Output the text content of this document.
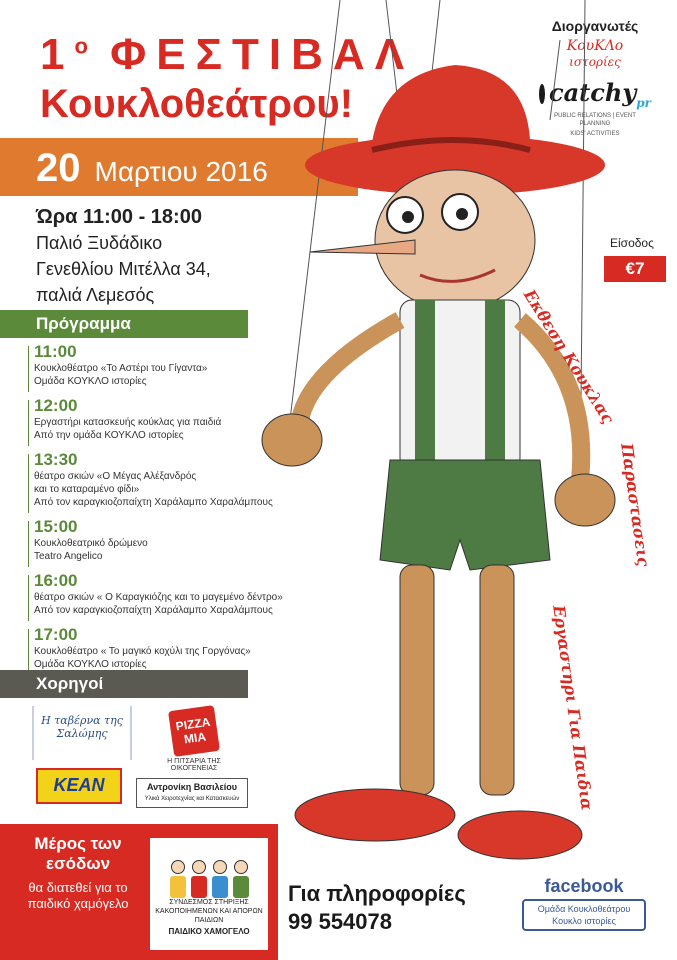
$1^o$ ΦΕΣΤΙΒΑΛ
Κουκλοθεάτρου!
20 Μαρτιου 2016
Ώρα 11:00 - 18:00
Παλιό Ξυδάδικο
Γενεθλίου Μιτέλλα 34,
παλιά Λεμεσός
Πρόγραμμα
11:00
Κουκλοθέατρο «Το Αστέρι του Γίγαντα»
Ομάδα ΚΟΥΚΛΟ ιστορίες
12:00
Εργαστήρι κατασκευής κούκλας για παιδιά
Από την ομάδα ΚΟΥΚΛΟ ιστορίες
13:30
θέατρο σκιών «Ο Μέγας Αλέξανδρός
και το καταραμένο φίδι»
Από τον καραγκιοζοπαίχτη Χαράλαμπο Χαραλάμπους
15:00
Κουκλοθεατρικό δρώμενο
Teatro Angelico
16:00
θέατρο σκιών « Ο Καραγκιόζης και το μαγεμένο δέντρο»
Από τον καραγκιοζοπαίχτη Χαράλαμπο Χαραλάμπους
17:00
Κουκλοθέατρο « Το μαγικό κοχύλι της Γοργόνας»
Ομάδα ΚΟΥΚΛΟ ιστορίες
Χορηγοί
Η ταβέρνα της Σαλώμης
PIZZA MIA
Η ΠΙΤΣΑΡΙΑ ΤΗΣ ΟΙΚΟΓΕΝΕΙΑΣ
KEAN	Αντρονίκη Βασιλείου
Υλικά Χειροτεχνίας και Κατασκευών
Μέρος των εσόδων
θα διατεθεί για το παιδικό χαμόγελο	ΣΥΝΔΕΣΜΟΣ ΣΤΗΡΙΞΗΣ ΚΑΚΟΠΟΙΗΜΕΝΩΝ ΚΑΙ ΑΠΟΡΩΝ ΠΑΙΔΙΩΝ
ΠΑΙΔΙΚΟ ΧΑΜΟΓΕΛΟ
Για πληροφορίες
99 554078
facebook
Ομάδα Κουκλοθεάτρου
Κουκλο ιστορίες
Διοργανωτές
ΚουΚΛο
ιστορίες
catchy$_{pr}$
PUBLIC RELATIONS | EVENT PLANNING
KIDS' ACTIVITIES
Είσοδος
€7
Εκθεση Κουκλας
Παραστασεις
Εργαστηρι Για Παιδια
